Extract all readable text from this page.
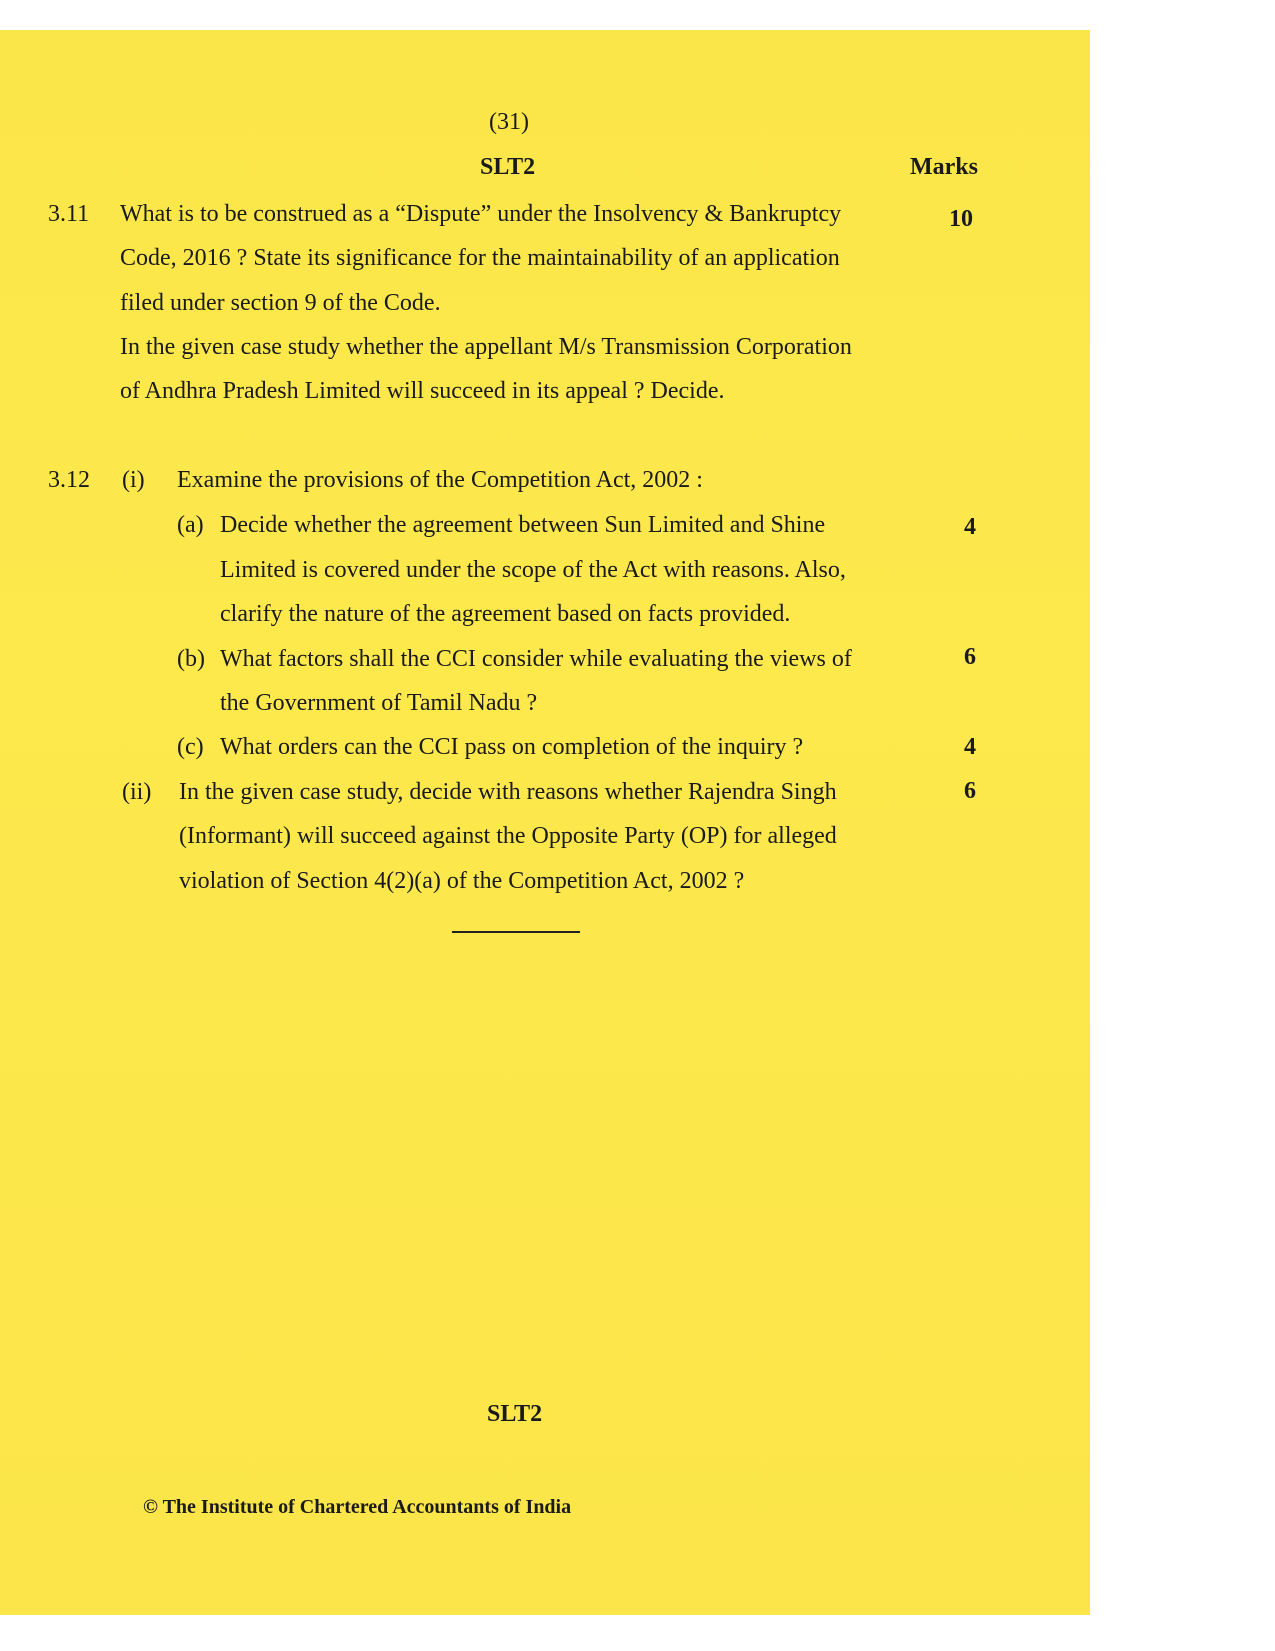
(31)
SLT2	Marks
3.11 What is to be construed as a “Dispute” under the Insolvency & Bankruptcy
Code, 2016 ? State its significance for the maintainability of an application
filed under section 9 of the Code.
In the given case study whether the appellant M/s Transmission Corporation
of Andhra Pradesh Limited will succeed in its appeal ? Decide.
10
3.12 (i) Examine the provisions of the Competition Act, 2002 :
(a) Decide whether the agreement between Sun Limited and Shine
Limited is covered under the scope of the Act with reasons. Also,
clarify the nature of the agreement based on facts provided.
4
(b) What factors shall the CCI consider while evaluating the views of
the Government of Tamil Nadu ?
6
(c) What orders can the CCI pass on completion of the inquiry ?	4
(ii) In the given case study, decide with reasons whether Rajendra Singh
(Informant) will succeed against the Opposite Party (OP) for alleged
violation of Section 4(2)(a) of the Competition Act, 2002 ?
6
SLT2
© The Institute of Chartered Accountants of India
